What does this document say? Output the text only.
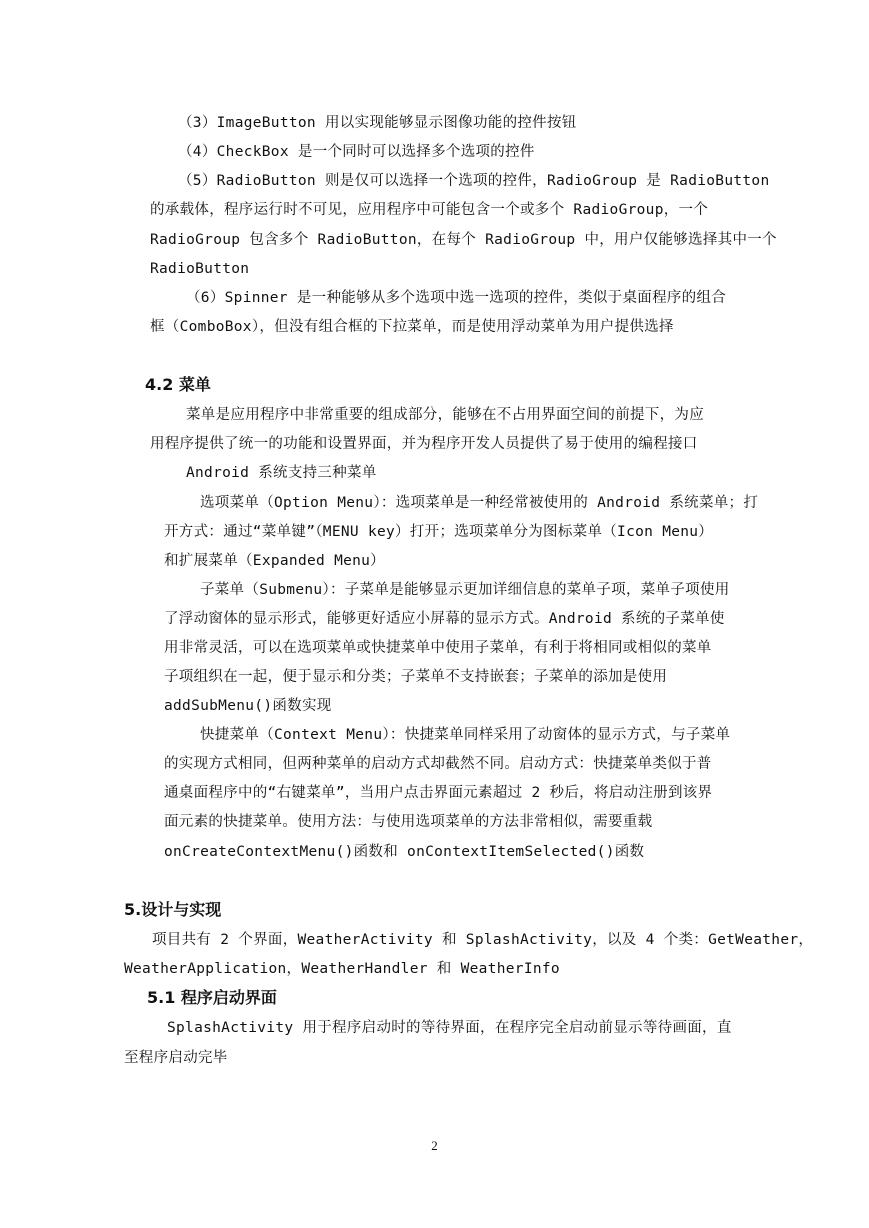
（3）ImageButton 用以实现能够显示图像功能的控件按钮
（4）CheckBox 是一个同时可以选择多个选项的控件
（5）RadioButton 则是仅可以选择一个选项的控件，RadioGroup 是 RadioButton
的承载体，程序运行时不可见，应用程序中可能包含一个或多个 RadioGroup，一个
RadioGroup 包含多个 RadioButton，在每个 RadioGroup 中，用户仅能够选择其中一个
RadioButton
（6）Spinner 是一种能够从多个选项中选一选项的控件，类似于桌面程序的组合
框（ComboBox），但没有组合框的下拉菜单，而是使用浮动菜单为用户提供选择
4.2 菜单
菜单是应用程序中非常重要的组成部分，能够在不占用界面空间的前提下，为应
用程序提供了统一的功能和设置界面，并为程序开发人员提供了易于使用的编程接口
Android 系统支持三种菜单
选项菜单（Option Menu）：选项菜单是一种经常被使用的 Android 系统菜单；打
开方式：通过“菜单键”（MENU key）打开；选项菜单分为图标菜单（Icon Menu）
和扩展菜单（Expanded Menu）
子菜单（Submenu）：子菜单是能够显示更加详细信息的菜单子项，菜单子项使用
了浮动窗体的显示形式，能够更好适应小屏幕的显示方式。Android 系统的子菜单使
用非常灵活，可以在选项菜单或快捷菜单中使用子菜单，有利于将相同或相似的菜单
子项组织在一起，便于显示和分类；子菜单不支持嵌套；子菜单的添加是使用
addSubMenu()函数实现
快捷菜单（Context Menu）：快捷菜单同样采用了动窗体的显示方式，与子菜单
的实现方式相同，但两种菜单的启动方式却截然不同。启动方式：快捷菜单类似于普
通桌面程序中的“右键菜单”，当用户点击界面元素超过 2 秒后，将启动注册到该界
面元素的快捷菜单。使用方法：与使用选项菜单的方法非常相似，需要重载
onCreateContextMenu()函数和 onContextItemSelected()函数
5.设计与实现
项目共有 2 个界面，WeatherActivity 和 SplashActivity，以及 4 个类：GetWeather，
WeatherApplication，WeatherHandler 和 WeatherInfo
5.1 程序启动界面
SplashActivity 用于程序启动时的等待界面，在程序完全启动前显示等待画面，直
至程序启动完毕
2
